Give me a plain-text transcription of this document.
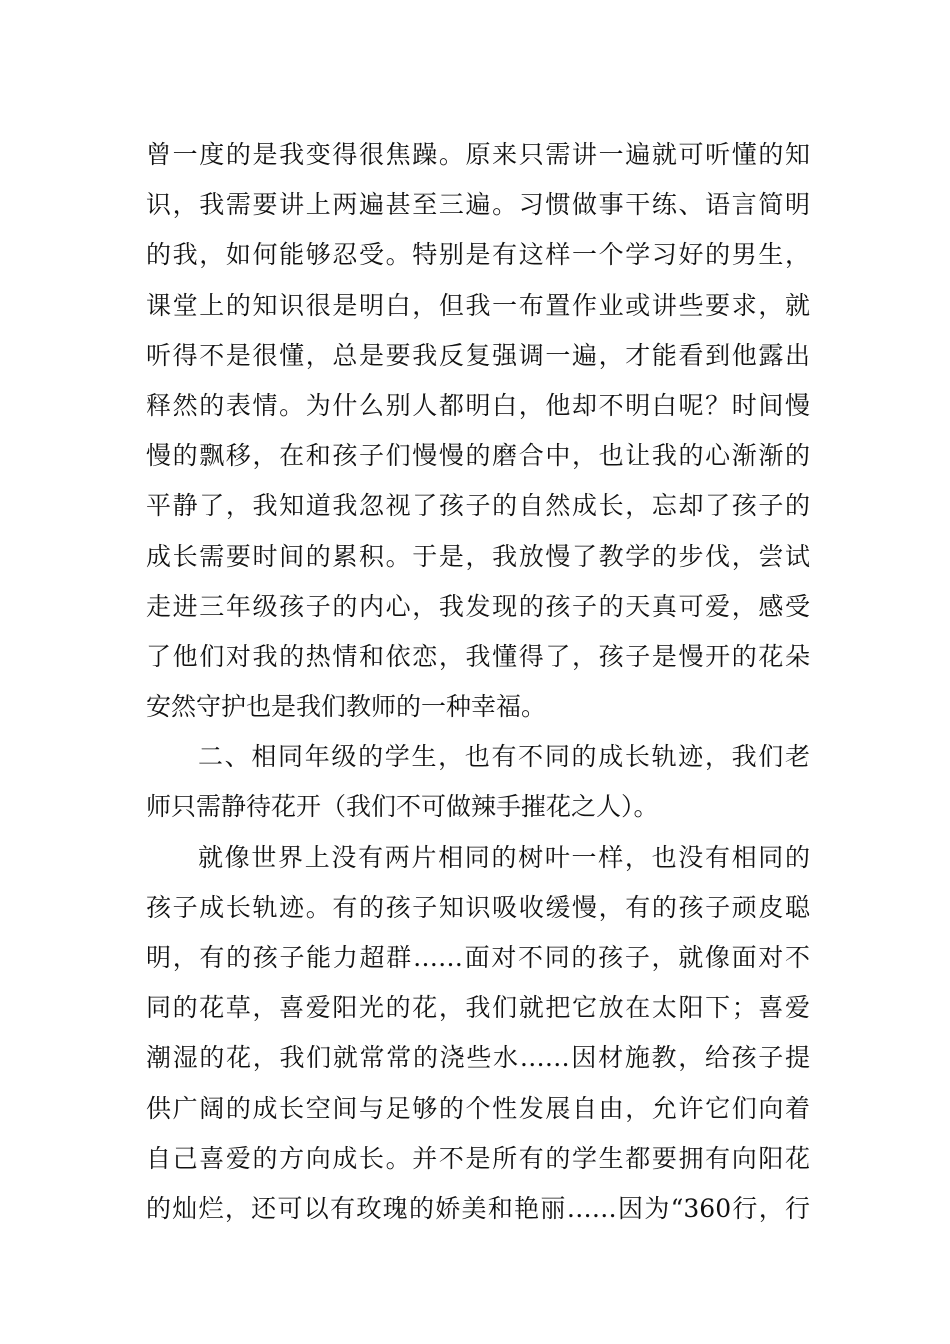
曾一度的是我变得很焦躁。原来只需讲一遍就可听懂的知
识，我需要讲上两遍甚至三遍。习惯做事干练、语言简明
的我，如何能够忍受。特别是有这样一个学习好的男生，
课堂上的知识很是明白，但我一布置作业或讲些要求，就
听得不是很懂，总是要我反复强调一遍，才能看到他露出
释然的表情。为什么别人都明白，他却不明白呢？时间慢
慢的飘移，在和孩子们慢慢的磨合中，也让我的心渐渐的
平静了，我知道我忽视了孩子的自然成长，忘却了孩子的
成长需要时间的累积。于是，我放慢了教学的步伐，尝试
走进三年级孩子的内心，我发现的孩子的天真可爱，感受
了他们对我的热情和依恋，我懂得了，孩子是慢开的花朵
安然守护也是我们教师的一种幸福。
二、相同年级的学生，也有不同的成长轨迹，我们老
师只需静待花开（我们不可做辣手摧花之人）。
就像世界上没有两片相同的树叶一样，也没有相同的
孩子成长轨迹。有的孩子知识吸收缓慢，有的孩子顽皮聪
明，有的孩子能力超群……面对不同的孩子，就像面对不
同的花草，喜爱阳光的花，我们就把它放在太阳下；喜爱
潮湿的花，我们就常常的浇些水……因材施教，给孩子提
供广阔的成长空间与足够的个性发展自由，允许它们向着
自己喜爱的方向成长。并不是所有的学生都要拥有向阳花
的灿烂，还可以有玫瑰的娇美和艳丽……因为“360行，行
